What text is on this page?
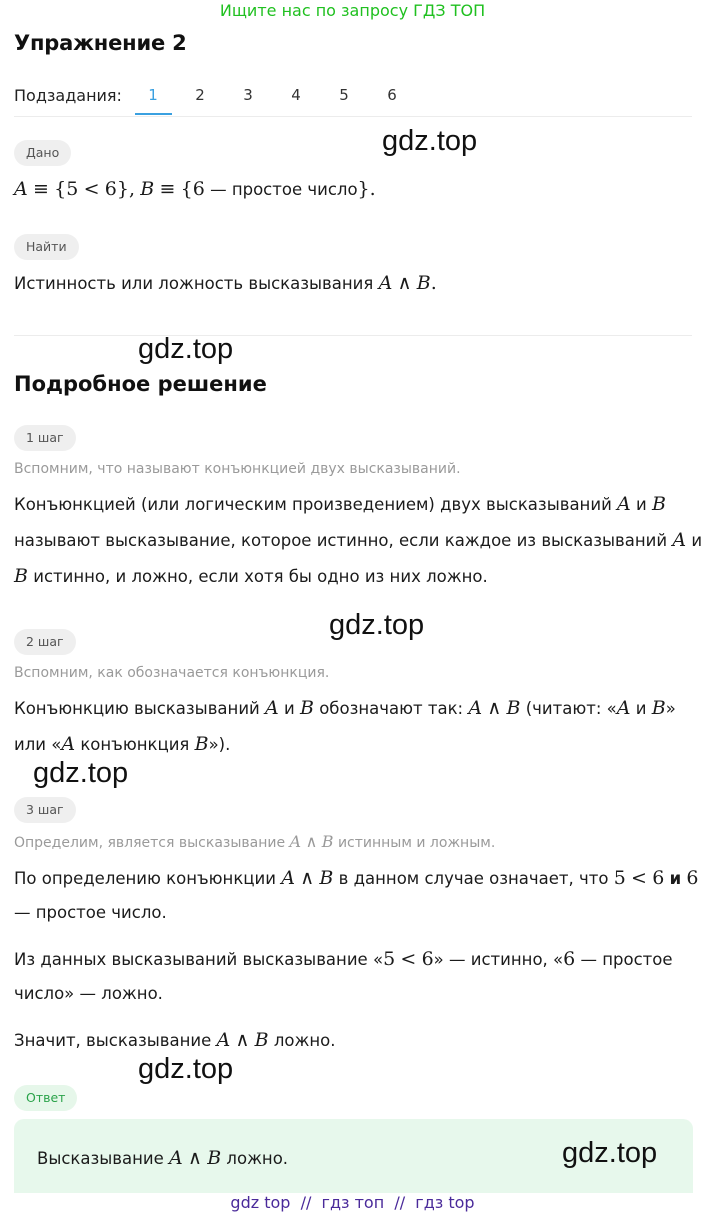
Ищите нас по запросу ГДЗ ТОП
Упражнение 2
Подзадания:	1	2	3	4	5	6
Дано	gdz.top
A ≡ {5 < 6}, B ≡ {6 — простое число}.
Найти
Истинность или ложность высказывания A ∧ B.
gdz.top
Подробное решение
1 шаг
Вспомним, что называют конъюнкцией двух высказываний.
Конъюнкцией (или логическим произведением) двух высказываний A и B
называют высказывание, которое истинно, если каждое из высказываний A и
B истинно, и ложно, если хотя бы одно из них ложно.
gdz.top
2 шаг
Вспомним, как обозначается конъюнкция.
Конъюнкцию высказываний A и B обозначают так: A ∧ B (читают: «A и B»
или «A конъюнкция B»).
gdz.top
3 шаг
Определим, является высказывание A ∧ B истинным и ложным.
По определению конъюнкции A ∧ B в данном случае означает, что 5 < 6 и 6
— простое число.
Из данных высказываний высказывание «5 < 6» — истинно, «6 — простое
число» — ложно.
Значит, высказывание A ∧ B ложно.
gdz.top
Ответ
Высказывание A ∧ B ложно.	gdz.top
gdz top  //  гдз топ  //  гдз top
